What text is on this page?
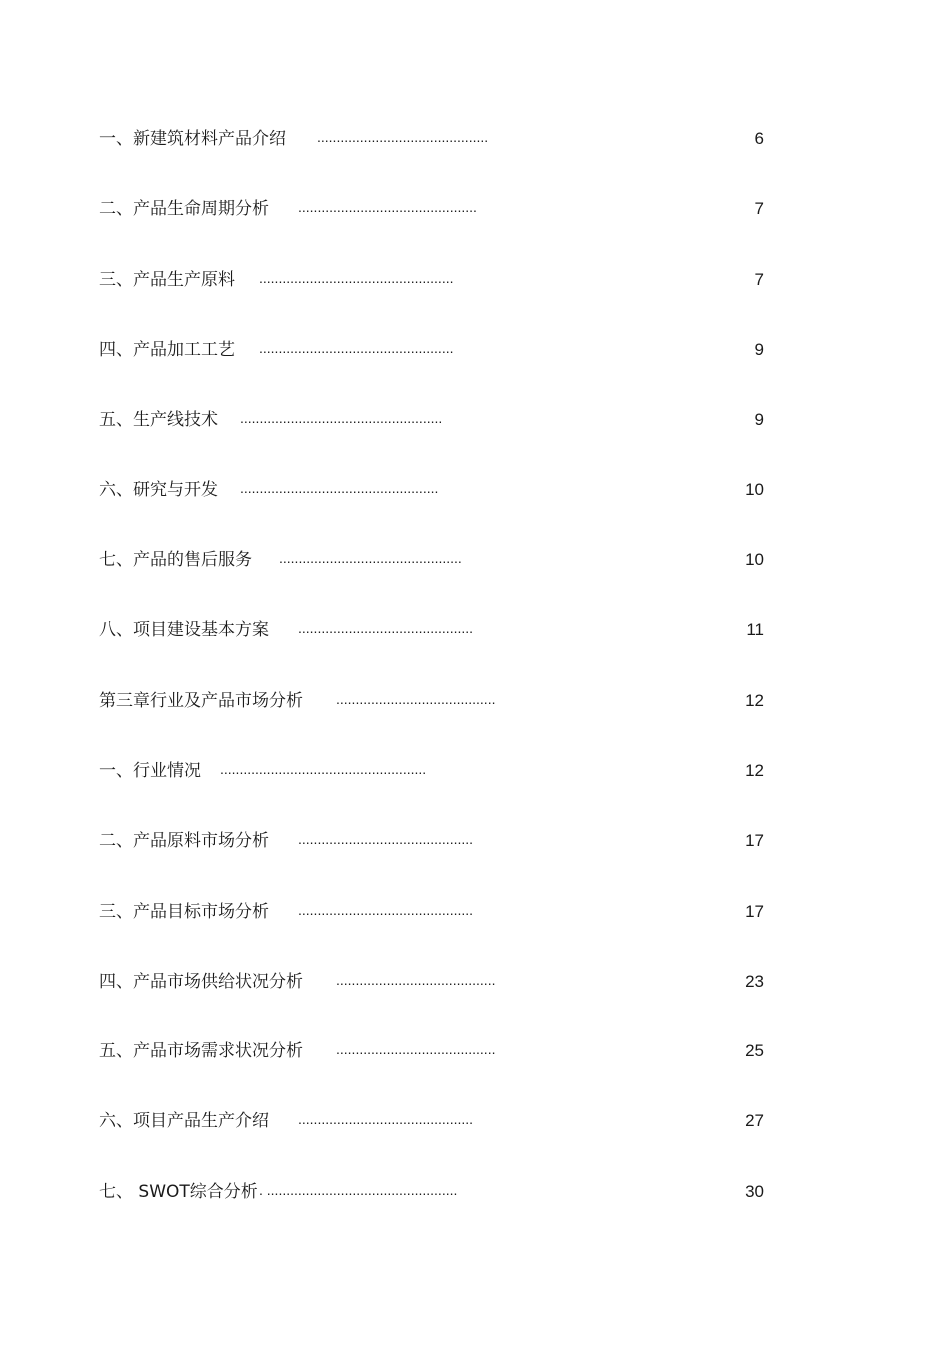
一、新建筑材料产品介绍 ............................................	6
二、产品生命周期分析 ..............................................	7
三、产品生产原料 ..................................................	7
四、产品加工工艺 ..................................................	9
五、生产线技术 ....................................................	9
六、研究与开发 ...................................................	10
七、产品的售后服务 ...............................................	10
八、项目建设基本方案 .............................................	11
第三章行业及产品市场分析 .........................................	12
一、行业情况 .....................................................	12
二、产品原料市场分析 .............................................	17
三、产品目标市场分析 .............................................	17
四、产品市场供给状况分析 .........................................	23
五、产品市场需求状况分析 .........................................	25
六、项目产品生产介绍 .............................................	27
七、 SWOT综合分析 . .................................................	30
